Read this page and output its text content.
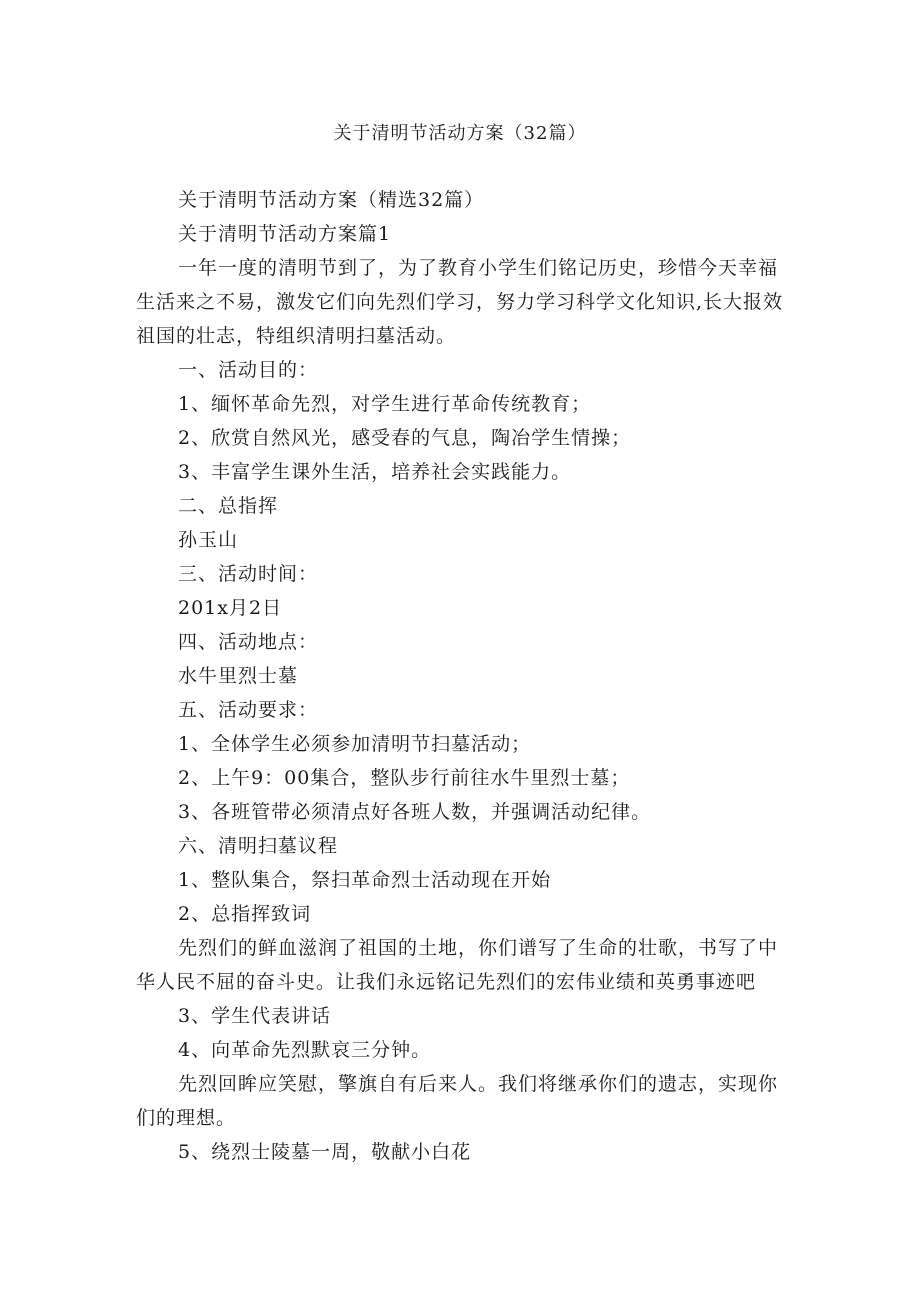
关于清明节活动方案（32篇）
关于清明节活动方案（精选32篇）
关于清明节活动方案篇1
一年一度的清明节到了，为了教育小学生们铭记历史，珍惜今天幸福
生活来之不易，激发它们向先烈们学习，努力学习科学文化知识,长大报效
祖国的壮志，特组织清明扫墓活动。
一、活动目的：
1、缅怀革命先烈，对学生进行革命传统教育；
2、欣赏自然风光，感受春的气息，陶冶学生情操；
3、丰富学生课外生活，培养社会实践能力。
二、总指挥
孙玉山
三、活动时间：
201x月2日
四、活动地点：
水牛里烈士墓
五、活动要求：
1、全体学生必须参加清明节扫墓活动；
2、上午9：00集合，整队步行前往水牛里烈士墓；
3、各班管带必须清点好各班人数，并强调活动纪律。
六、清明扫墓议程
1、整队集合，祭扫革命烈士活动现在开始
2、总指挥致词
先烈们的鲜血滋润了祖国的土地，你们谱写了生命的壮歌，书写了中
华人民不屈的奋斗史。让我们永远铭记先烈们的宏伟业绩和英勇事迹吧
3、学生代表讲话
4、向革命先烈默哀三分钟。
先烈回眸应笑慰，擎旗自有后来人。我们将继承你们的遗志，实现你
们的理想。
5、绕烈士陵墓一周，敬献小白花
